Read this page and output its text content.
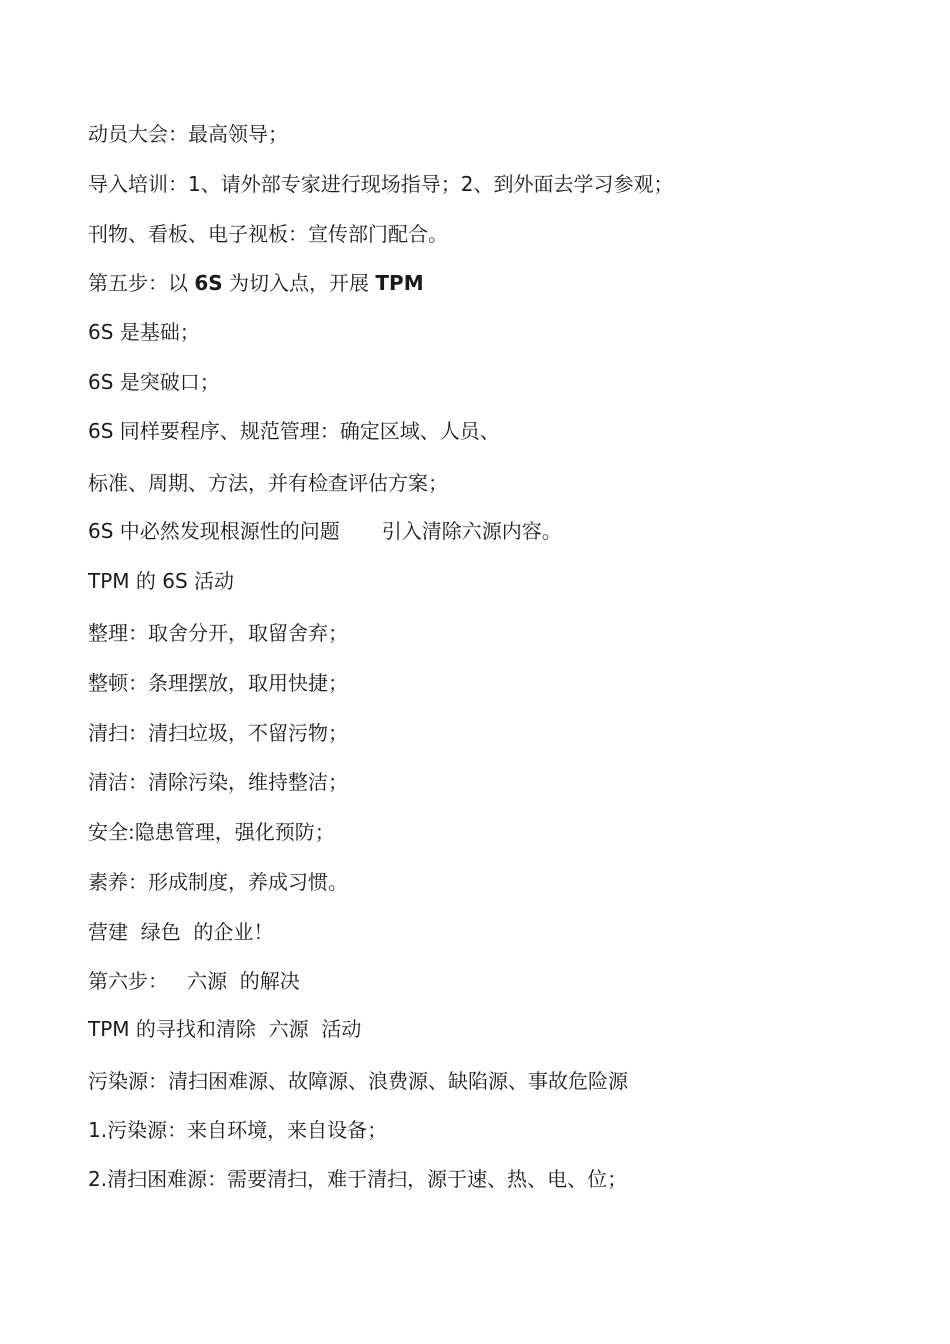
动员大会：最高领导；
导入培训：1、请外部专家进行现场指导；2、到外面去学习参观；
刊物、看板、电子视板：宣传部门配合。
第五步：以 6S 为切入点，开展 TPM
6S 是基础；
6S 是突破口；
6S 同样要程序、规范管理：确定区域、人员、
标准、周期、方法，并有检查评估方案；
6S 中必然发现根源性的问题 引入清除六源内容。
TPM 的 6S 活动
整理：取舍分开，取留舍弃；
整顿：条理摆放，取用快捷；
清扫：清扫垃圾，不留污物；
清洁：清除污染，维持整洁；
安全:隐患管理，强化预防；
素养：形成制度，养成习惯。
营建  绿色  的企业！
第六步：   六源  的解决
TPM 的寻找和清除  六源  活动
污染源：清扫困难源、故障源、浪费源、缺陷源、事故危险源
1.污染源：来自环境，来自设备；
2.清扫困难源：需要清扫，难于清扫，源于速、热、电、位；
